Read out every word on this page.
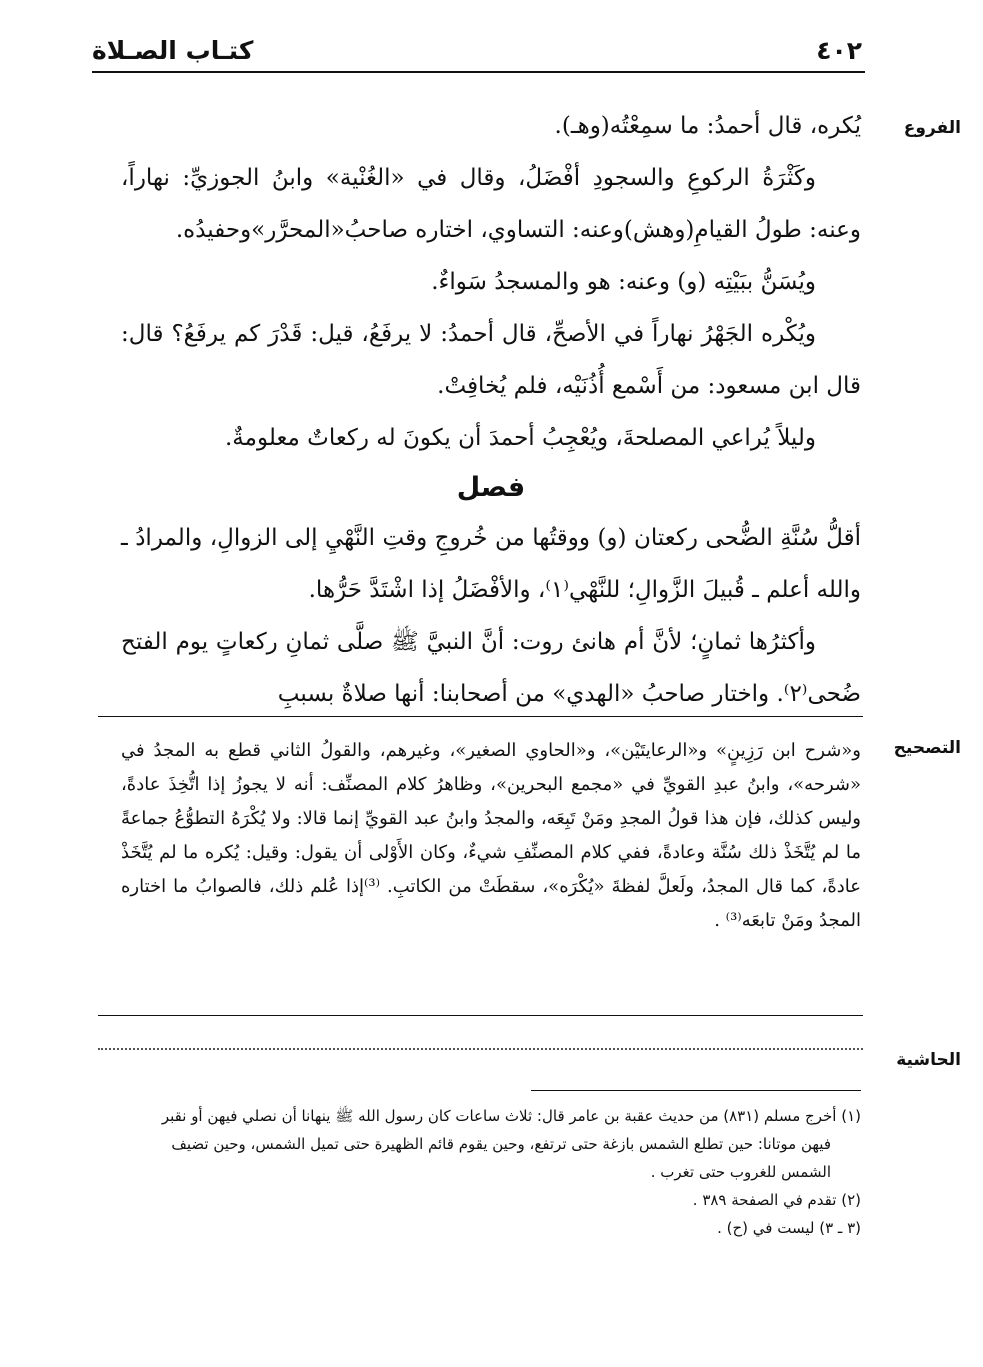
كتـاب الصـلاة	٤٠٢
الفروع
التصحيح
الحاشية

يُكره، قال أحمدُ: ما سمِعْتُه(وهـ).

وكَثْرَةُ الركوعِ والسجودِ أفْضَلُ، وقال في «الغُنْية» وابنُ الجوزيِّ: نهاراً، وعنه: طولُ القيامِ(وهش)وعنه: التساوي، اختاره صاحبُ«المحرَّر»وحفيدُه.

ويُسَنُّ ببَيْتِه (و) وعنه: هو والمسجدُ سَواءٌ.

ويُكْره الجَهْرُ نهاراً في الأصحِّ، قال أحمدُ: لا يرفَعُ، قيل: قَدْرَ كم يرفَعُ؟ قال: قال ابن مسعود: من أَسْمع أُذُنَيْه، فلم يُخافِتْ.

وليلاً يُراعي المصلحةَ، ويُعْجِبُ أحمدَ أن يكونَ له ركعاتٌ معلومةٌ.

فصل

أقلُّ سُنَّةِ الضُّحى ركعتان (و) ووقتُها من خُروجِ وقتِ النَّهْيِ إلى الزوالِ، والمرادُ ـ والله أعلم ـ قُبيلَ الزَّوالِ؛ للنَّهْي⁽١⁾، والأفْضَلُ إذا اشْتَدَّ حَرُّها.

وأكثرُها ثمانٍ؛ لأنَّ أم هانئ روت: أنَّ النبيَّ ﷺ صلَّى ثمانِ ركعاتٍ يوم الفتح ضُحى⁽٢⁾. واختار صاحبُ «الهدي» من أصحابنا: أنها صلاةٌ بسببِ

و«شرح ابن رَزِينٍ» و«الرعايتَيْن»، و«الحاوي الصغير»، وغيرهم، والقولُ الثاني قطع به المجدُ في «شرحه»، وابنُ عبدِ القويِّ في «مجمع البحرين»، وظاهرُ كلام المصنِّف: أنه لا يجوزُ إذا اتُّخِذَ عادةً، وليس كذلك، فإن هذا قولُ المجدِ ومَنْ تَبِعَه، والمجدُ وابنُ عبد القويِّ إنما قالا: ولا يُكْرَهُ التطوُّعُ جماعةً ما لم يُتَّخَذْ ذلك سُنَّة وعادةً، ففي كلام المصنِّفِ شيءٌ، وكان الأَوْلى أن يقول: وقيل: يُكره ما لم يُتَّخَذْ عادةً، كما قال المجدُ، ولَعلَّ لفظةَ «يُكْرَه»، سقطَتْ من الكاتبِ. ⁽³⁾إذا عُلم ذلك، فالصوابُ ما اختاره المجدُ ومَنْ تابعَه⁽³⁾ .

(١) أخرج مسلم (٨٣١) من حديث عقبة بن عامر قال: ثلاث ساعات كان رسول الله ﷺ ينهانا أن نصلي فيهن أو نقبر

فيهن موتانا: حين تطلع الشمس بازغة حتى ترتفع، وحين يقوم قائم الظهيرة حتى تميل الشمس، وحين تضيف

الشمس للغروب حتى تغرب .

(٢) تقدم في الصفحة ٣٨٩ .

(٣ ـ ٣) ليست في (ح) .
